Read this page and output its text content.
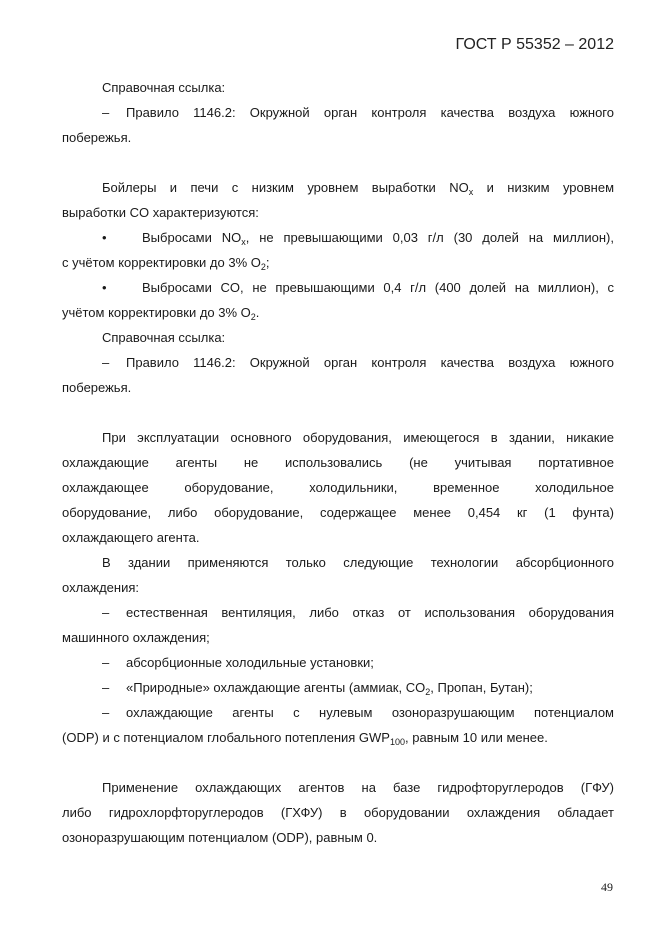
ГОСТ Р 55352 – 2012
Справочная ссылка:
–	Правило 1146.2: Окружной орган контроля качества воздуха южного
побережья.
Бойлеры и печи с низким уровнем выработки $NO_x$ и низким уровнем
выработки CO характеризуются:
•	Выбросами $NO_x$, не превышающими 0,03 г/л (30 долей на миллион),
с учётом корректировки до 3% $O_2$;
•	Выбросами CO, не превышающими 0,4 г/л (400 долей на миллион), с
учётом корректировки до 3% $O_2$.
Справочная ссылка:
–	Правило 1146.2: Окружной орган контроля качества воздуха южного
побережья.
При эксплуатации основного оборудования, имеющегося в здании, никакие
охлаждающие агенты не использовались (не учитывая портативное
охлаждающее оборудование, холодильники, временное холодильное
оборудование, либо оборудование, содержащее менее 0,454 кг (1 фунта)
охлаждающего агента.
В здании применяются только следующие технологии абсорбционного
охлаждения:
–	естественная вентиляция, либо отказ от использования оборудования
машинного охлаждения;
–	абсорбционные холодильные установки;
–	«Природные» охлаждающие агенты (аммиак, $CO_2$, Пропан, Бутан);
–	охлаждающие агенты с нулевым озоноразрушающим потенциалом
(ODP) и с потенциалом глобального потепления $GWP_{100}$, равным 10 или менее.
Применение охлаждающих агентов на базе гидрофторуглеродов (ГФУ)
либо гидрохлорфторуглеродов (ГХФУ) в оборудовании охлаждения обладает
озоноразрушающим потенциалом (ODP), равным 0.
49
